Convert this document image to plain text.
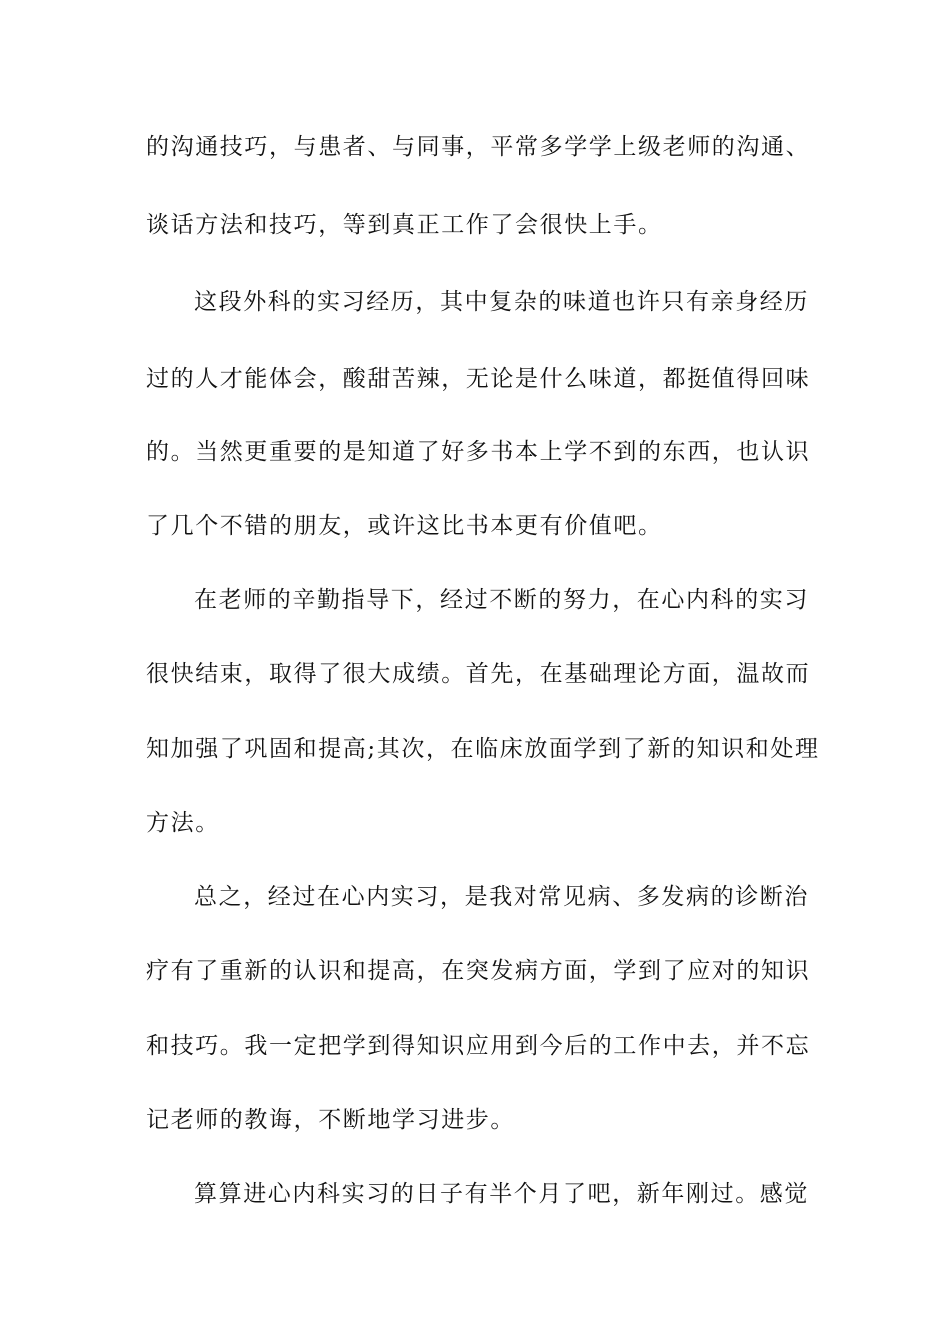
的沟通技巧，与患者、与同事，平常多学学上级老师的沟通、
谈话方法和技巧，等到真正工作了会很快上手。
这段外科的实习经历，其中复杂的味道也许只有亲身经历
过的人才能体会，酸甜苦辣，无论是什么味道，都挺值得回味
的。当然更重要的是知道了好多书本上学不到的东西，也认识
了几个不错的朋友，或许这比书本更有价值吧。
在老师的辛勤指导下，经过不断的努力，在心内科的实习
很快结束，取得了很大成绩。首先，在基础理论方面，温故而
知加强了巩固和提高;其次，在临床放面学到了新的知识和处理
方法。
总之，经过在心内实习，是我对常见病、多发病的诊断治
疗有了重新的认识和提高，在突发病方面，学到了应对的知识
和技巧。我一定把学到得知识应用到今后的工作中去，并不忘
记老师的教诲，不断地学习进步。
算算进心内科实习的日子有半个月了吧，新年刚过。感觉
